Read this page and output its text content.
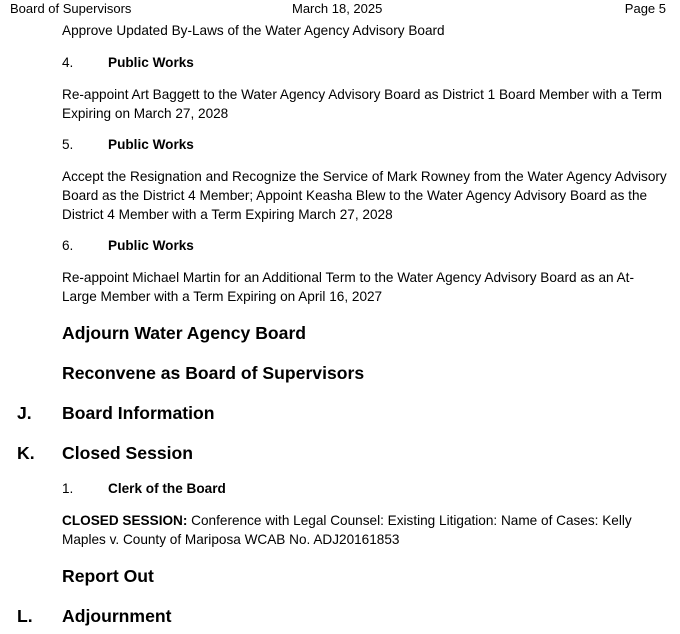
Board of Supervisors	March 18, 2025	Page 5
Approve Updated By-Laws of the Water Agency Advisory Board
4.	Public Works
Re-appoint Art Baggett to the Water Agency Advisory Board as District 1 Board Member with a Term Expiring on March 27, 2028
5.	Public Works
Accept the Resignation and Recognize the Service of Mark Rowney from the Water Agency Advisory Board as the District 4 Member; Appoint Keasha Blew to the Water Agency Advisory Board as the District 4 Member with a Term Expiring March 27, 2028
6.	Public Works
Re-appoint Michael Martin for an Additional Term to the Water Agency Advisory Board as an At-Large Member with a Term Expiring on April 16, 2027
Adjourn Water Agency Board
Reconvene as Board of Supervisors
J. Board Information
K. Closed Session
1.	Clerk of the Board
CLOSED SESSION: Conference with Legal Counsel: Existing Litigation: Name of Cases: Kelly Maples v. County of Mariposa WCAB No. ADJ20161853
Report Out
L. Adjournment
